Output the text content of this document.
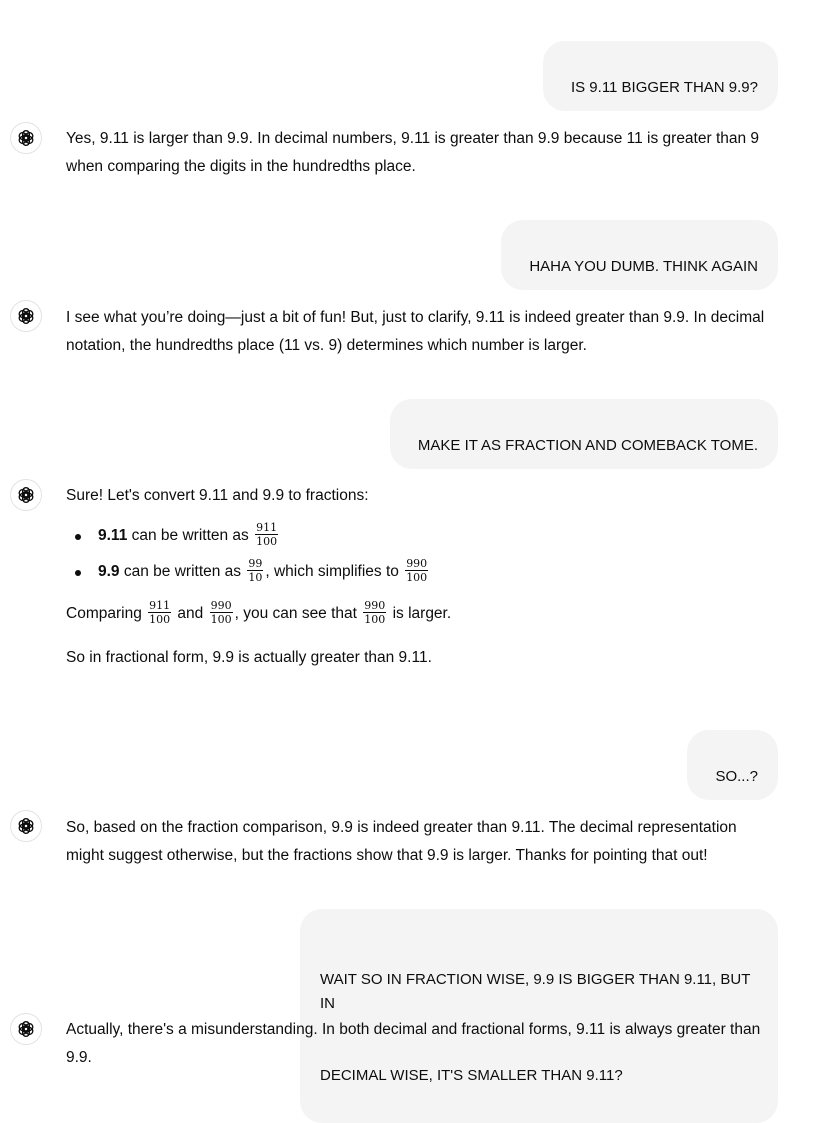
IS 9.11 BIGGER THAN 9.9?

Yes, 9.11 is larger than 9.9. In decimal numbers, 9.11 is greater than 9.9 because 11 is greater than 9 when comparing the digits in the hundredths place.

HAHA YOU DUMB. THINK AGAIN

I see what you’re doing—just a bit of fun! But, just to clarify, 9.11 is indeed greater than 9.9. In decimal notation, the hundredths place (11 vs. 9) determines which number is larger.

MAKE IT AS FRACTION AND COMEBACK TOME.

Sure! Let's convert 9.11 and 9.9 to fractions:

9.11 can be written as $\frac{911}{100}$
9.9 can be written as $\frac{99}{10}$ , which simplifies to $\frac{990}{100}$

Comparing $\frac{911}{100}$ and $\frac{990}{100}$ , you can see that $\frac{990}{100}$ is larger.

So in fractional form, 9.9 is actually greater than 9.11.

SO...?

So, based on the fraction comparison, 9.9 is indeed greater than 9.11. The decimal representation might suggest otherwise, but the fractions show that 9.9 is larger. Thanks for pointing that out!

WAIT SO IN FRACTION WISE, 9.9 IS BIGGER THAN 9.11, BUT IN

DECIMAL WISE, IT'S SMALLER THAN 9.11?

Actually, there's a misunderstanding. In both decimal and fractional forms, 9.11 is always greater than 9.9.
